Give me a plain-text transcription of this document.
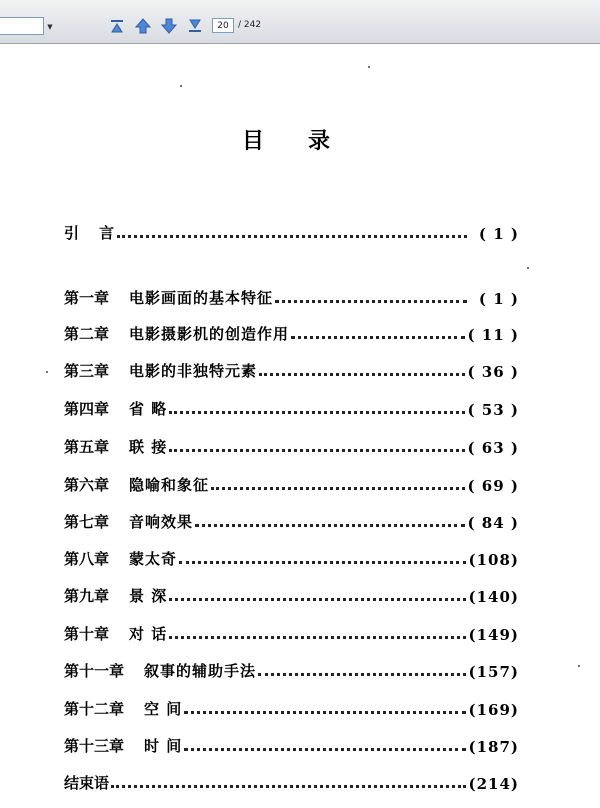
▼
20	/ 242
目录
引 言	( 1 )
第一章 电影画面的基本特征	( 1 )
第二章 电影摄影机的创造作用	( 11 )
第三章 电影的非独特元素	( 36 )
第四章 省 略	( 53 )
第五章 联 接	( 63 )
第六章 隐喻和象征	( 69 )
第七章 音响效果	( 84 )
第八章 蒙太奇	(108)
第九章 景 深	(140)
第十章 对 话	(149)
第十一章 叙事的辅助手法	(157)
第十二章 空 间	(169)
第十三章 时 间	(187)
结束语	(214)
